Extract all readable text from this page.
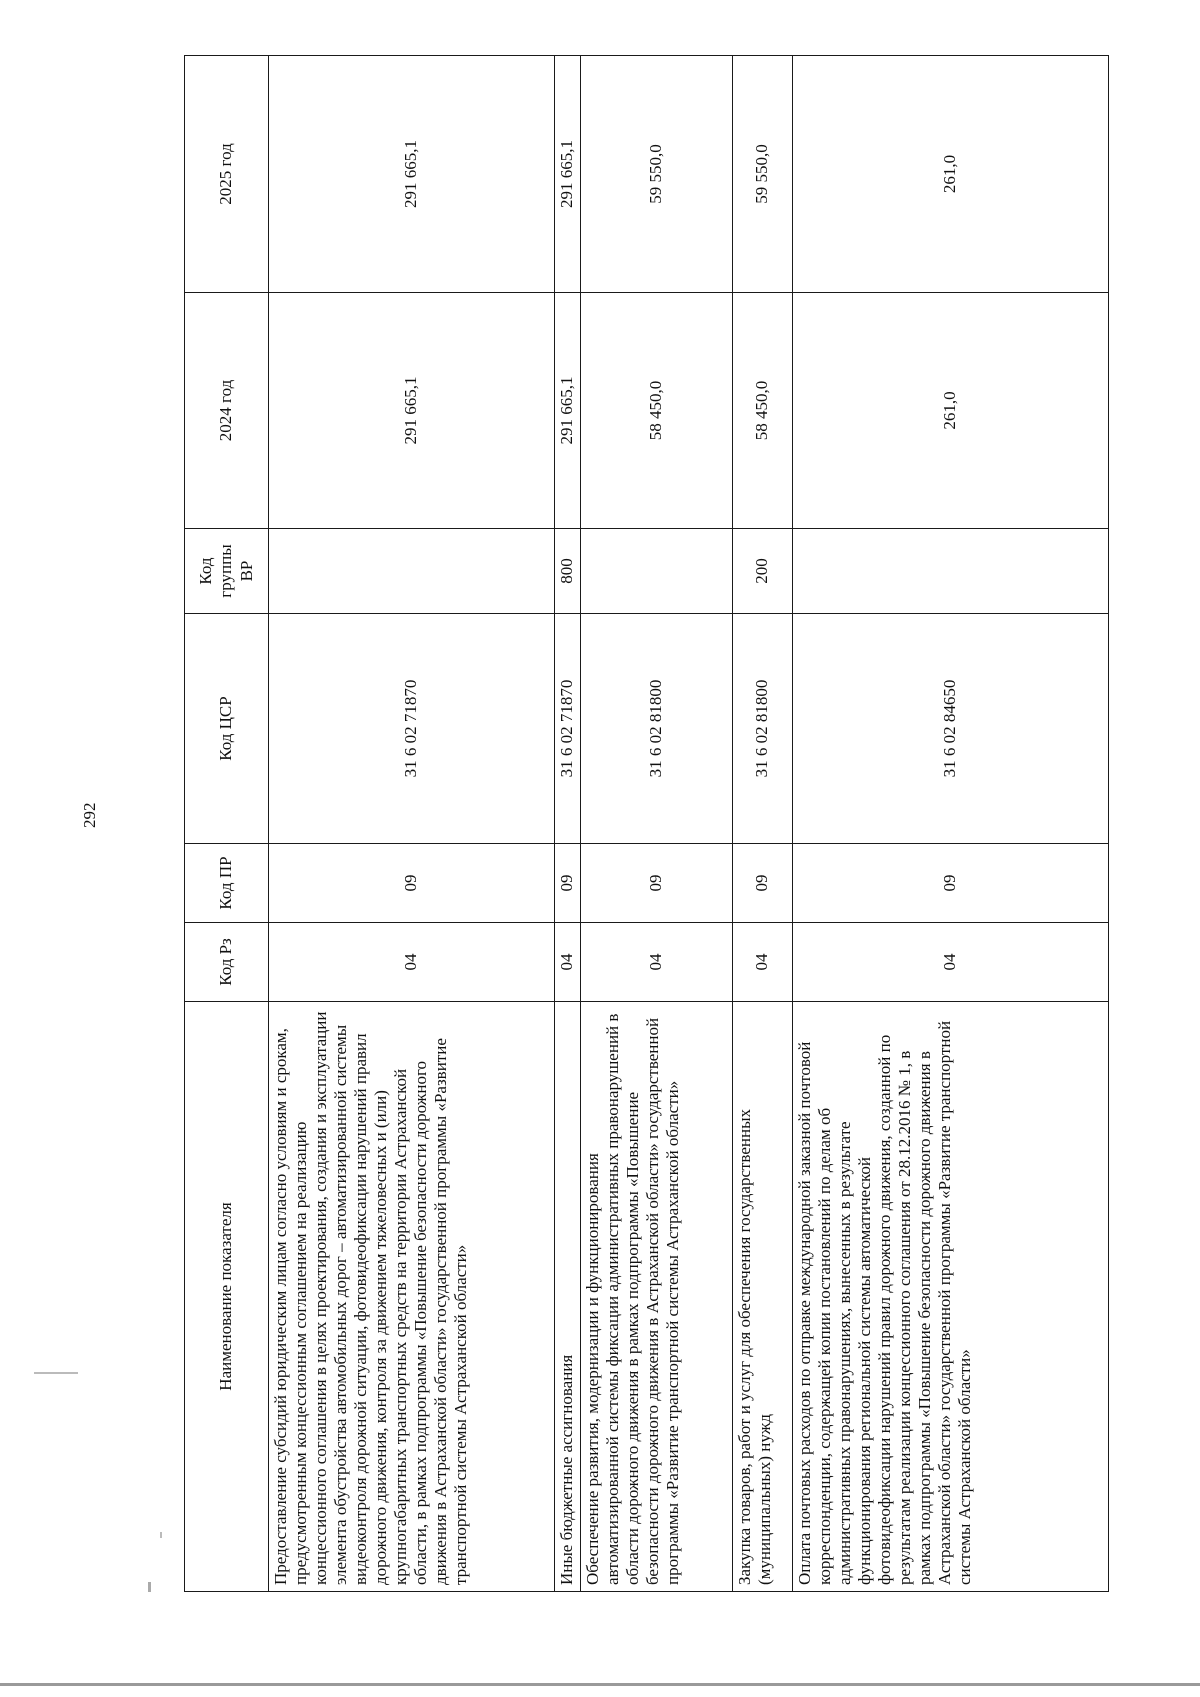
292
Наименование показателя	Код Рз	Код ПР	Код ЦСР	Код группы ВР	2024 год	2025 год
Предоставление субсидий юридическим лицам согласно условиям и срокам, предусмотренным концессионным соглашением на реализацию концессионного соглашения в целях проектирования, создания и эксплуатации элемента обустройства автомобильных дорог – автоматизированной системы видеоконтроля дорожной ситуации, фотовидеофиксации нарушений правил дорожного движения, контроля за движением тяжеловесных и (или) крупногабаритных транспортных средств на территории Астраханской области, в рамках подпрограммы «Повышение безопасности дорожного движения в Астраханской области» государственной программы «Развитие транспортной системы Астраханской области»	04	09	31 6 02 71870		291 665,1	291 665,1
Иные бюджетные ассигнования	04	09	31 6 02 71870	800	291 665,1	291 665,1
Обеспечение развития, модернизации и функционирования автоматизированной системы фиксации административных правонарушений в области дорожного движения в рамках подпрограммы «Повышение безопасности дорожного движения в Астраханской области» государственной программы «Развитие транспортной системы Астраханской области»	04	09	31 6 02 81800		58 450,0	59 550,0
Закупка товаров, работ и услуг для обеспечения государственных (муниципальных) нужд	04	09	31 6 02 81800	200	58 450,0	59 550,0
Оплата почтовых расходов по отправке международной заказной почтовой корреспонденции, содержащей копии постановлений по делам об административных правонарушениях, вынесенных в результате функционирования региональной системы автоматической фотовидеофиксации нарушений правил дорожного движения, созданной по результатам реализации концессионного соглашения от 28.12.2016 № 1, в рамках подпрограммы «Повышение безопасности дорожного движения в Астраханской области» государственной программы «Развитие транспортной системы Астраханской области»	04	09	31 6 02 84650		261,0	261,0
